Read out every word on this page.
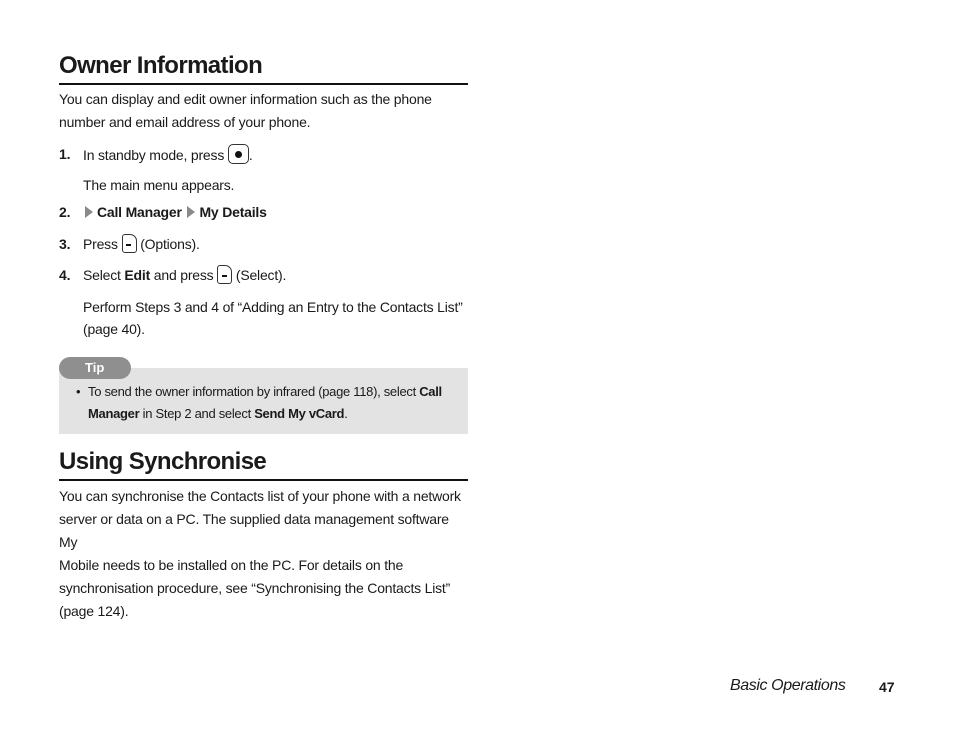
Owner Information
You can display and edit owner information such as the phone
number and email address of your phone.
1. In standby mode, press .
The main menu appears.
2.	Call Manager My Details
3. Press (Options).
4. Select Edit and press (Select).
Perform Steps 3 and 4 of “Adding an Entry to the Contacts List”
(page 40).
Tip
• To send the owner information by infrared (page 118), select Call
Manager in Step 2 and select Send My vCard.
Using Synchronise
You can synchronise the Contacts list of your phone with a network
server or data on a PC. The supplied data management software My
Mobile needs to be installed on the PC. For details on the
synchronisation procedure, see “Synchronising the Contacts List”
(page 124).
Basic Operations 47
